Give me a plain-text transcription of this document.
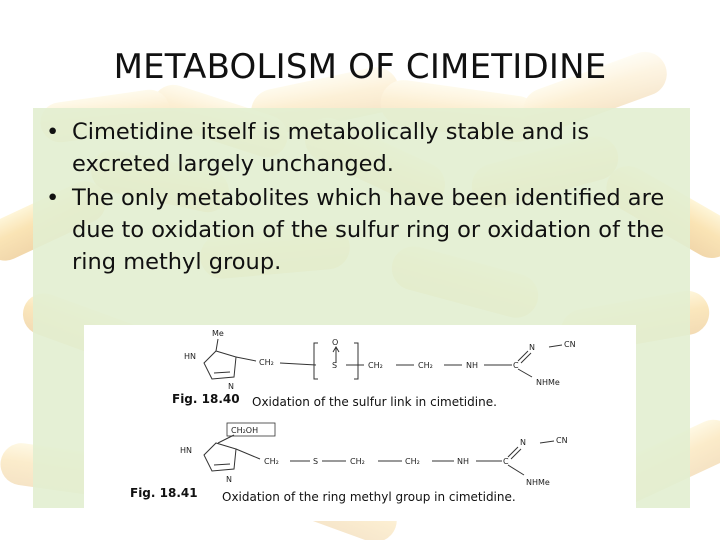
METABOLISM OF CIMETIDINE
• Cimetidine itself is metabolically stable and is excreted largely unchanged.
• The only metabolites which have been identified are due to oxidation of the sulfur ring or oxidation of the ring methyl group.
Me
HN
N
CH₂
O
S	CH₂	CH₂	NH	C
N	CN
NHMe
Fig. 18.40 Oxidation of the sulfur link in cimetidine.
CH₂OH
HN
N
CH₂	S	CH₂	CH₂	NH	C
N	CN
NHMe
Fig. 18.41 Oxidation of the ring methyl group in cimetidine.
